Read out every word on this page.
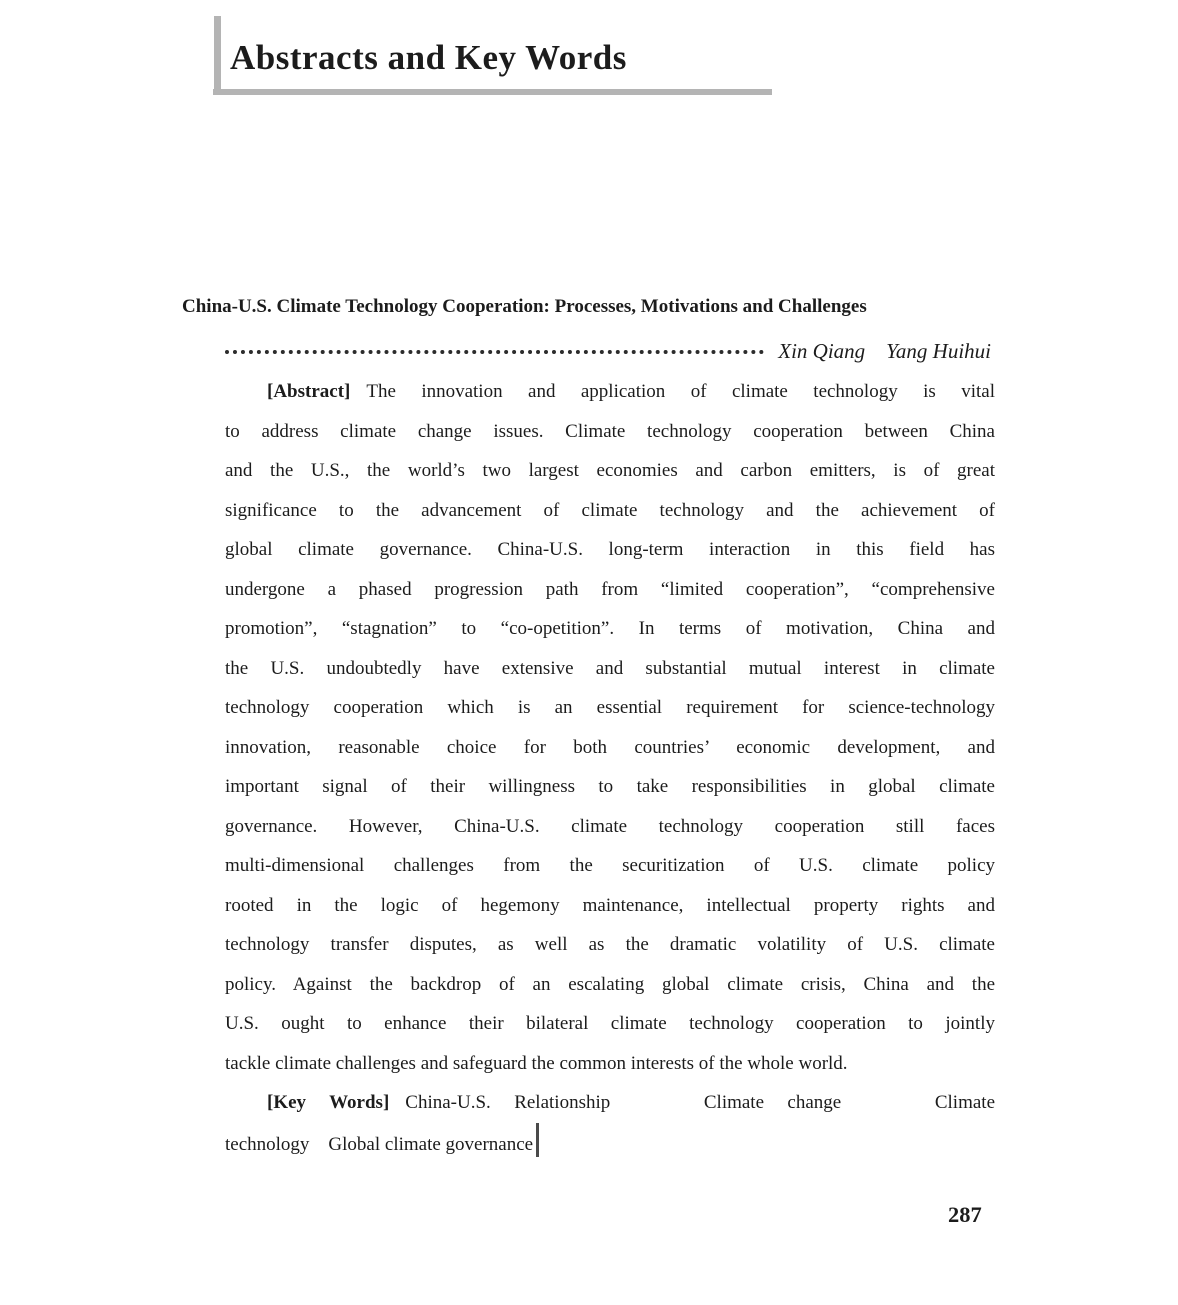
Abstracts and Key Words
China-U.S. Climate Technology Cooperation: Processes, Motivations and Challenges
Xin Qiang    Yang Huihui
[Abstract] The innovation and application of climate technology is vital
to address climate change issues. Climate technology cooperation between China
and the U.S., the world’s two largest economies and carbon emitters, is of great
significance to the advancement of climate technology and the achievement of
global climate governance. China-U.S. long-term interaction in this field has
undergone a phased progression path from “limited cooperation”, “comprehensive
promotion”, “stagnation” to “co-opetition”. In terms of motivation, China and
the U.S. undoubtedly have extensive and substantial mutual interest in climate
technology cooperation which is an essential requirement for science-technology
innovation, reasonable choice for both countries’ economic development, and
important signal of their willingness to take responsibilities in global climate
governance. However, China-U.S. climate technology cooperation still faces
multi-dimensional challenges from the securitization of U.S. climate policy
rooted in the logic of hegemony maintenance, intellectual property rights and
technology transfer disputes, as well as the dramatic volatility of U.S. climate
policy. Against the backdrop of an escalating global climate crisis, China and the
U.S. ought to enhance their bilateral climate technology cooperation to jointly
tackle climate challenges and safeguard the common interests of the whole world.
[Key Words] China-U.S. Relationship    Climate change    Climate
technology    Global climate governance
287
